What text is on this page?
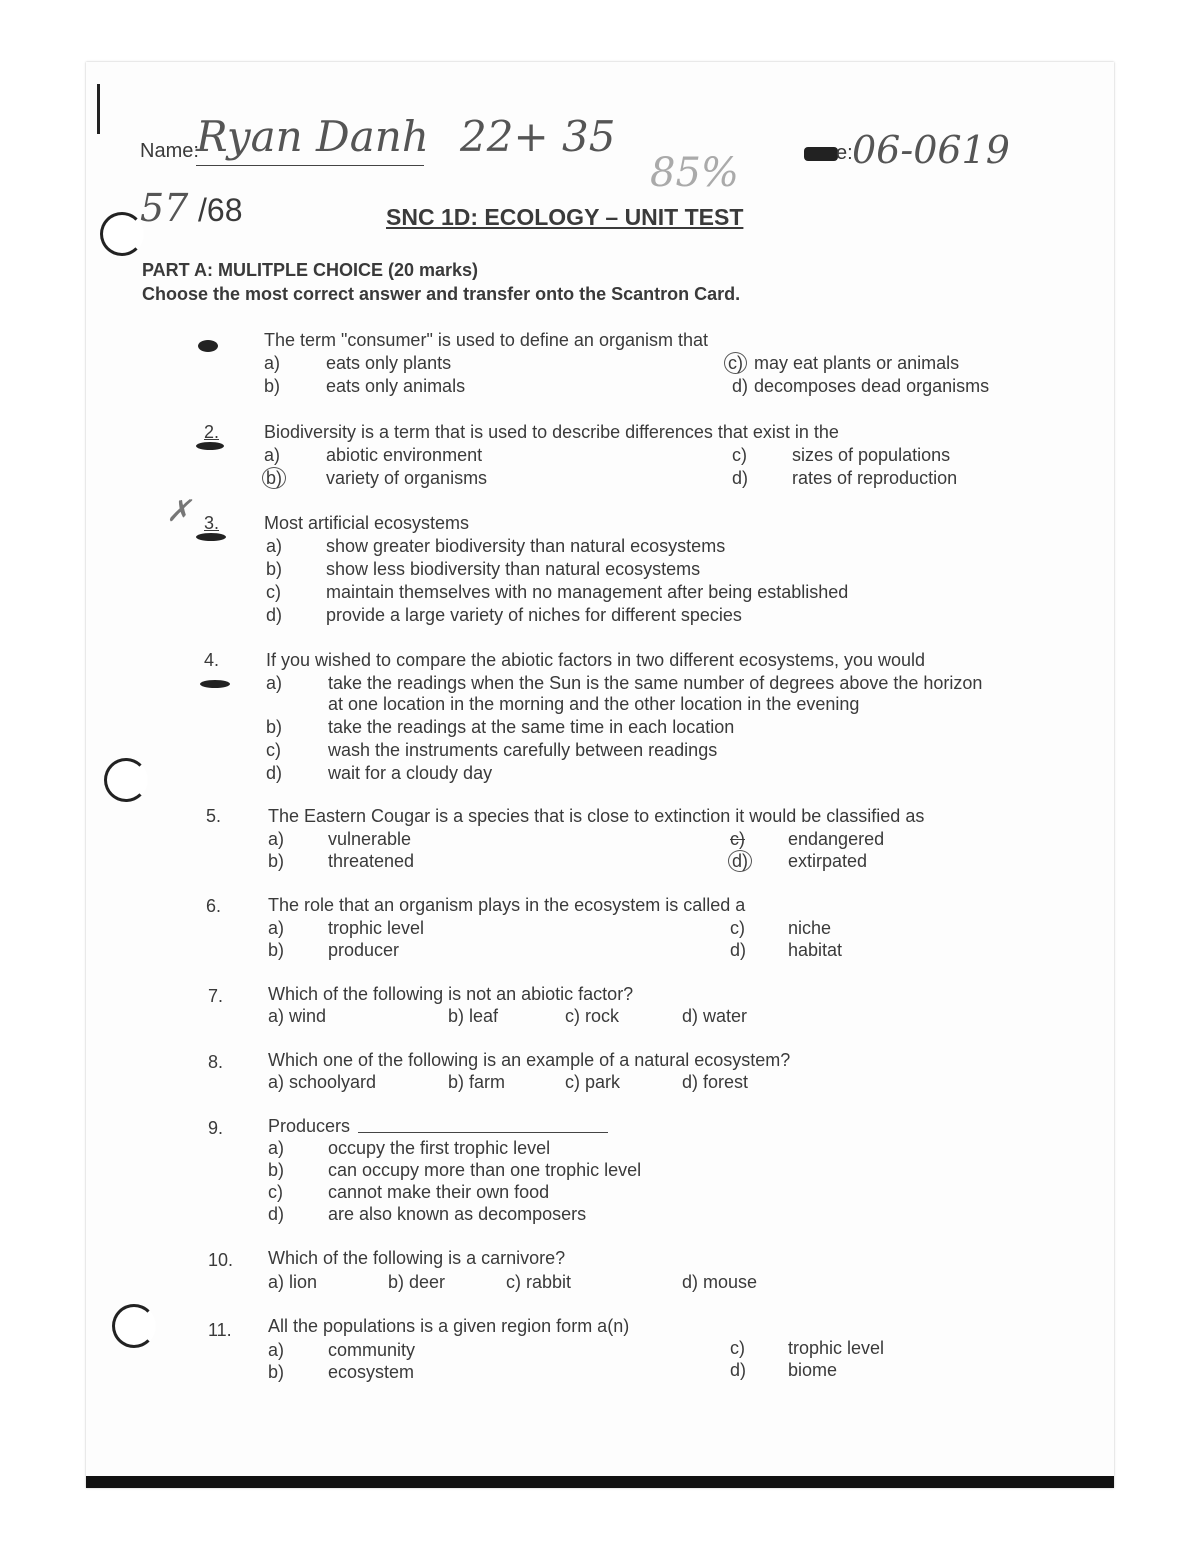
Name:
Ryan Danh 22+ 35
85%	e: 06-0619
57 /68	SNC 1D: ECOLOGY – UNIT TEST
PART A: MULITPLE CHOICE (20 marks)
Choose the most correct answer and transfer onto the Scantron Card.
The term "consumer" is used to define an organism that
a)	eats only plants
b)	eats only animals
c) may eat plants or animals
d) decomposes dead organisms
2. Biodiversity is a term that is used to describe differences that exist in the
a)	abiotic environment
b) variety of organisms
c)	sizes of populations
d) rates of reproduction
✗ 3. Most artificial ecosystems
a) show greater biodiversity than natural ecosystems
b) show less biodiversity than natural ecosystems
c)	maintain themselves with no management after being established
d) provide a large variety of niches for different species
4.	If you wished to compare the abiotic factors in two different ecosystems, you would
a)	take the readings when the Sun is the same number of degrees above the horizon
at one location in the morning and the other location in the evening
b)	take the readings at the same time in each location
c)	wash the instruments carefully between readings
d)	wait for a cloudy day
5.	The Eastern Cougar is a species that is close to extinction it would be classified as
a) vulnerable
b) threatened
c) endangered
d) extirpated
6.	The role that an organism plays in the ecosystem is called a
a) trophic level
b) producer
c) niche
d) habitat
7. Which of the following is not an abiotic factor?
a) wind	b) leaf	c) rock	d) water
8. Which one of the following is an example of a natural ecosystem?
a) schoolyard	b) farm	c) park	d) forest
9. Producers
a) occupy the first trophic level
b) can occupy more than one trophic level
c)	cannot make their own food
d) are also known as decomposers
10. Which of the following is a carnivore?
a) lion	b) deer	c) rabbit	d) mouse
11. All the populations is a given region form a(n)
a) community
b) ecosystem
c) trophic level
d) biome
